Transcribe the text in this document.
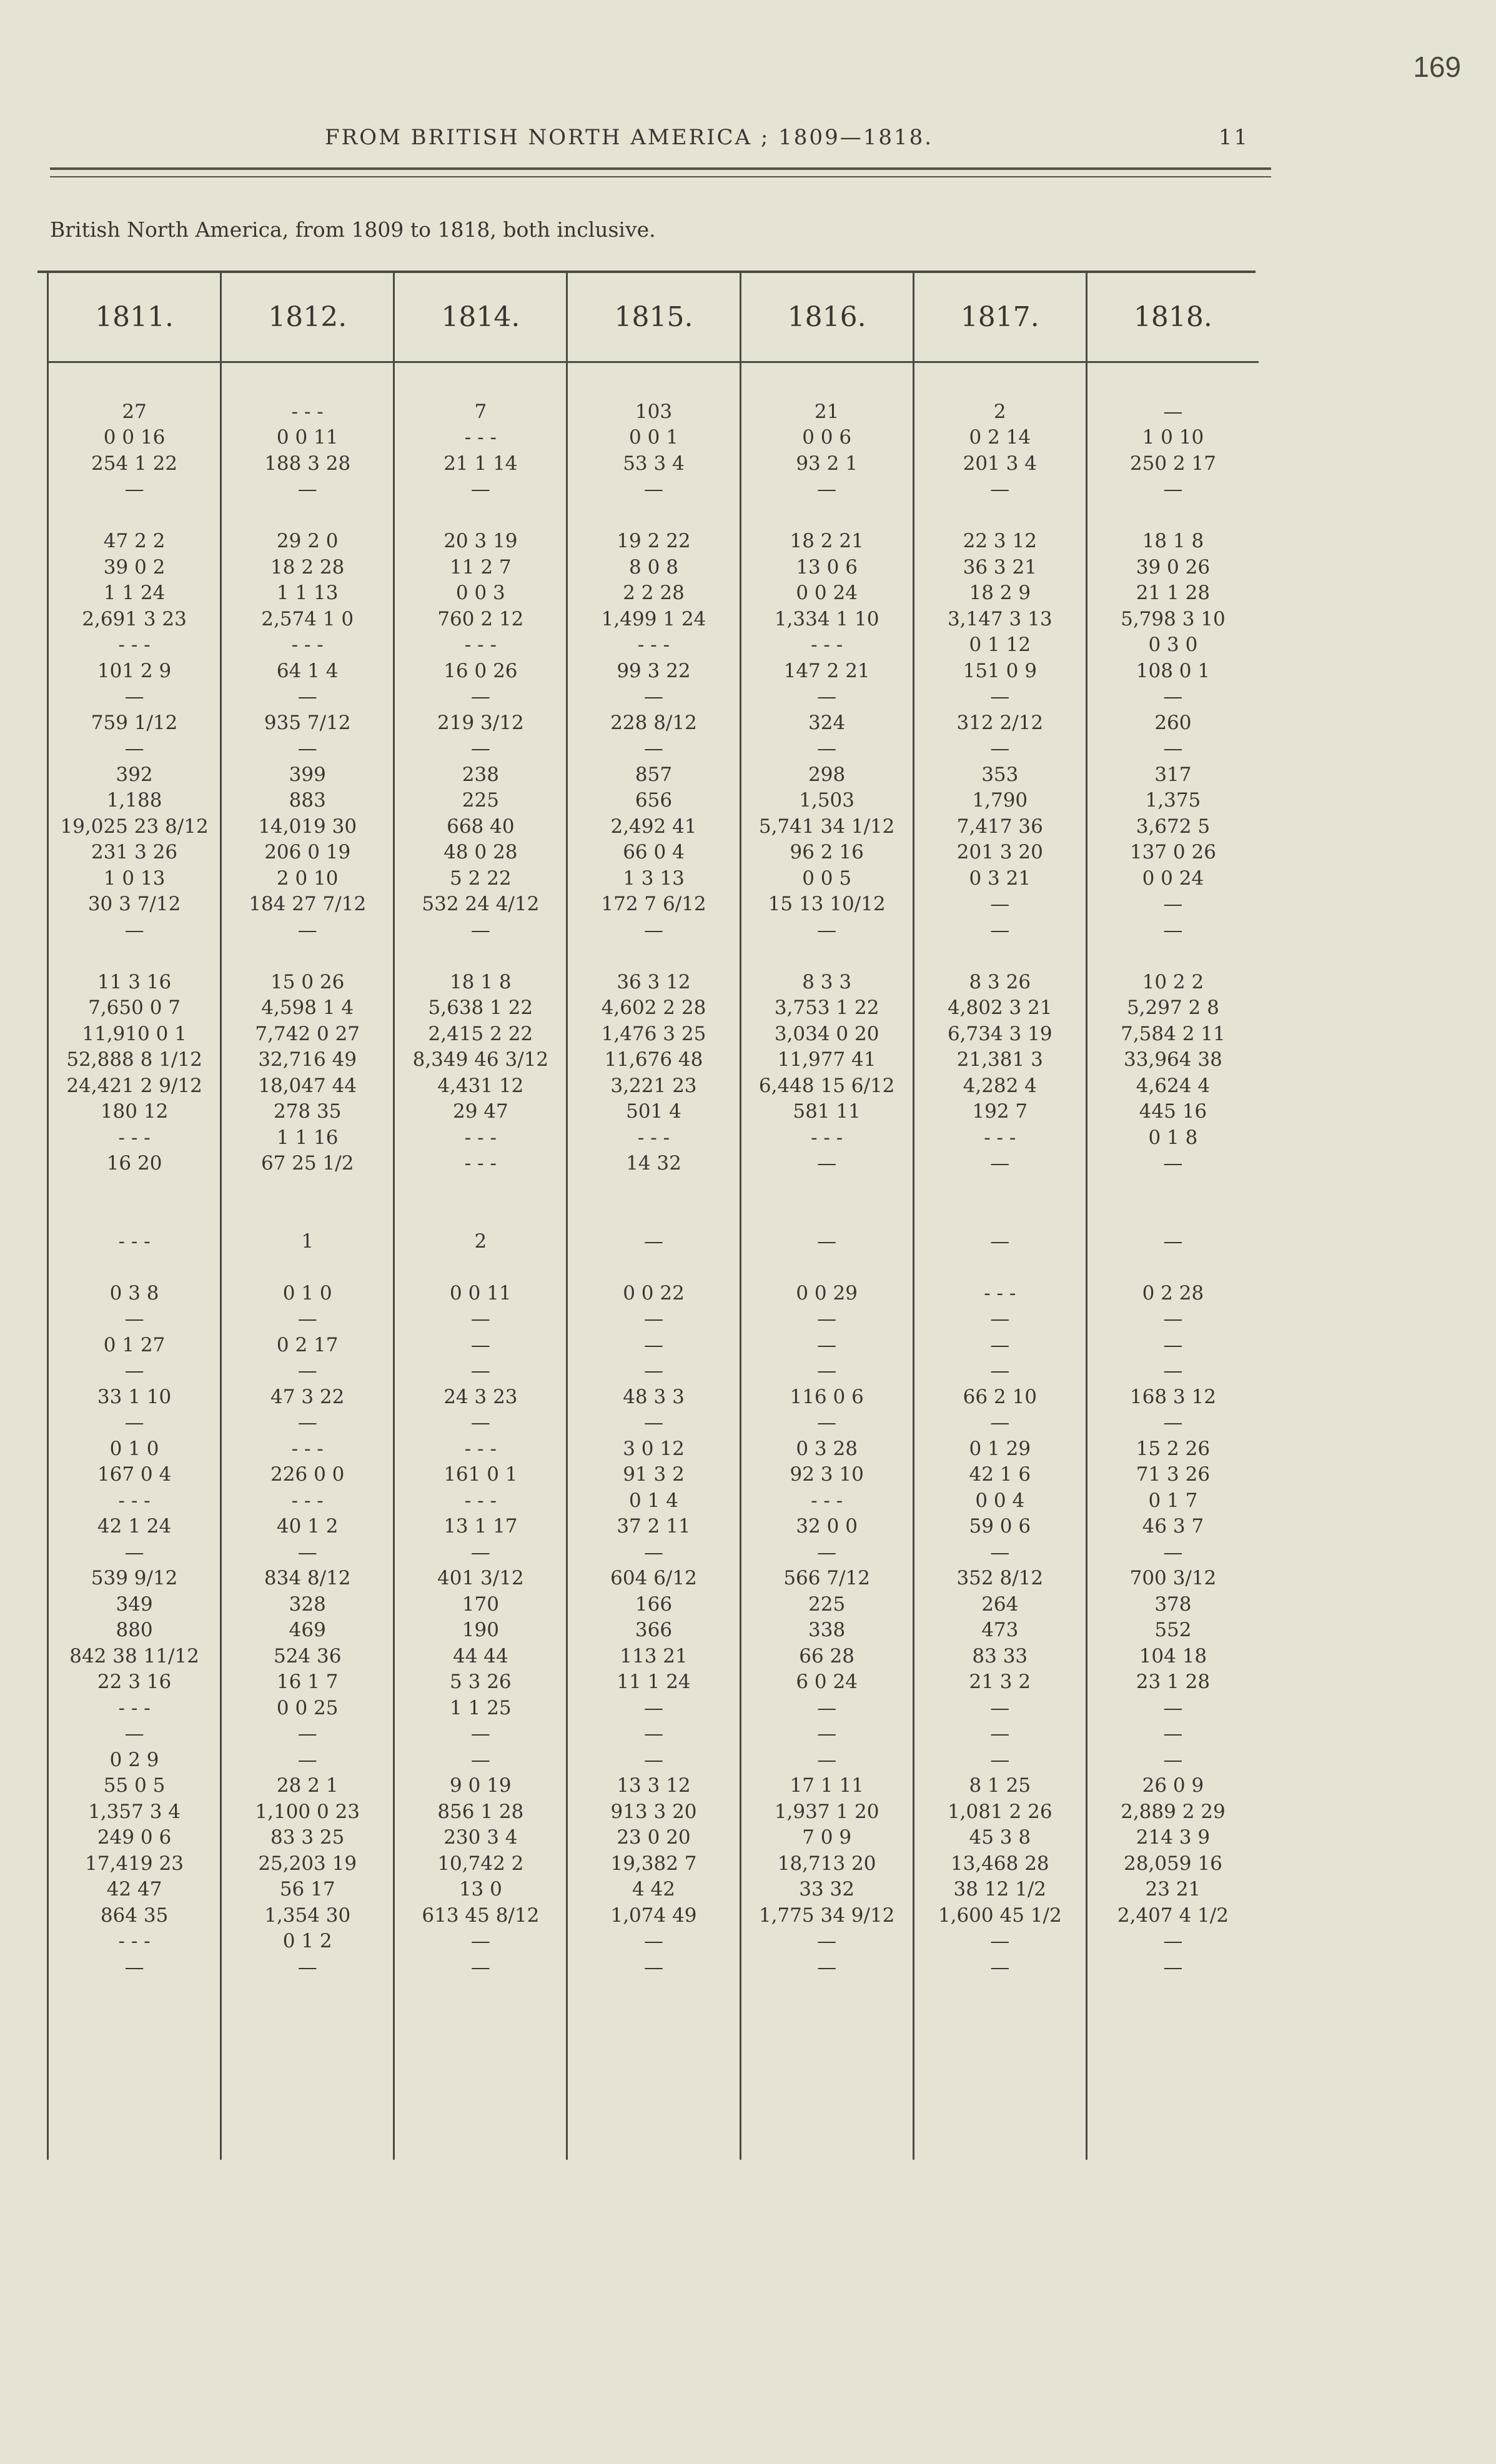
169
FROM BRITISH NORTH AMERICA ; 1809—1818.	11
British North America, from 1809 to 1818, both inclusive.
1811.
27
0 0 16
254 1 22
—
47 2 2
39 0 2
1 1 24
2,691 3 23
- - -
101 2 9
—
759 1/12
—
392
1,188
19,025 23 8/12
231 3 26
1 0 13
30 3 7/12
—
11 3 16
7,650 0 7
11,910 0 1
52,888 8 1/12
24,421 2 9/12
180 12
- - -
16 20
- - -
0 3 8
—
0 1 27
—
33 1 10
—
0 1 0
167 0 4
- - -
42 1 24
—
539 9/12
349
880
842 38 11/12
22 3 16
- - -
—
0 2 9
55 0 5
1,357 3 4
249 0 6
17,419 23
42 47
864 35
- - -
—
1812.
- - -
0 0 11
188 3 28
—
29 2 0
18 2 28
1 1 13
2,574 1 0
- - -
64 1 4
—
935 7/12
—
399
883
14,019 30
206 0 19
2 0 10
184 27 7/12
—
15 0 26
4,598 1 4
7,742 0 27
32,716 49
18,047 44
278 35
1 1 16
67 25 1/2
1
0 1 0
—
0 2 17
—
47 3 22
—
- - -
226 0 0
- - -
40 1 2
—
834 8/12
328
469
524 36
16 1 7
0 0 25
—
—
28 2 1
1,100 0 23
83 3 25
25,203 19
56 17
1,354 30
0 1 2
—
1814.
7
- - -
21 1 14
—
20 3 19
11 2 7
0 0 3
760 2 12
- - -
16 0 26
—
219 3/12
—
238
225
668 40
48 0 28
5 2 22
532 24 4/12
—
18 1 8
5,638 1 22
2,415 2 22
8,349 46 3/12
4,431 12
29 47
- - -
- - -
2
0 0 11
—
—
—
24 3 23
—
- - -
161 0 1
- - -
13 1 17
—
401 3/12
170
190
44 44
5 3 26
1 1 25
—
—
9 0 19
856 1 28
230 3 4
10,742 2
13 0
613 45 8/12
—
—
1815.
103
0 0 1
53 3 4
—
19 2 22
8 0 8
2 2 28
1,499 1 24
- - -
99 3 22
—
228 8/12
—
857
656
2,492 41
66 0 4
1 3 13
172 7 6/12
—
36 3 12
4,602 2 28
1,476 3 25
11,676 48
3,221 23
501 4
- - -
14 32
—
0 0 22
—
—
—
48 3 3
—
3 0 12
91 3 2
0 1 4
37 2 11
—
604 6/12
166
366
113 21
11 1 24
—
—
—
13 3 12
913 3 20
23 0 20
19,382 7
4 42
1,074 49
—
—
1816.
21
0 0 6
93 2 1
—
18 2 21
13 0 6
0 0 24
1,334 1 10
- - -
147 2 21
—
324
—
298
1,503
5,741 34 1/12
96 2 16
0 0 5
15 13 10/12
—
8 3 3
3,753 1 22
3,034 0 20
11,977 41
6,448 15 6/12
581 11
- - -
—
—
0 0 29
—
—
—
116 0 6
—
0 3 28
92 3 10
- - -
32 0 0
—
566 7/12
225
338
66 28
6 0 24
—
—
—
17 1 11
1,937 1 20
7 0 9
18,713 20
33 32
1,775 34 9/12
—
—
1817.
2
0 2 14
201 3 4
—
22 3 12
36 3 21
18 2 9
3,147 3 13
0 1 12
151 0 9
—
312 2/12
—
353
1,790
7,417 36
201 3 20
0 3 21
—
—
8 3 26
4,802 3 21
6,734 3 19
21,381 3
4,282 4
192 7
- - -
—
—
- - -
—
—
—
66 2 10
—
0 1 29
42 1 6
0 0 4
59 0 6
—
352 8/12
264
473
83 33
21 3 2
—
—
—
8 1 25
1,081 2 26
45 3 8
13,468 28
38 12 1/2
1,600 45 1/2
—
—
1818.
—
1 0 10
250 2 17
—
18 1 8
39 0 26
21 1 28
5,798 3 10
0 3 0
108 0 1
—
260
—
317
1,375
3,672 5
137 0 26
0 0 24
—
—
10 2 2
5,297 2 8
7,584 2 11
33,964 38
4,624 4
445 16
0 1 8
—
—
0 2 28
—
—
—
168 3 12
—
15 2 26
71 3 26
0 1 7
46 3 7
—
700 3/12
378
552
104 18
23 1 28
—
—
—
26 0 9
2,889 2 29
214 3 9
28,059 16
23 21
2,407 4 1/2
—
—
